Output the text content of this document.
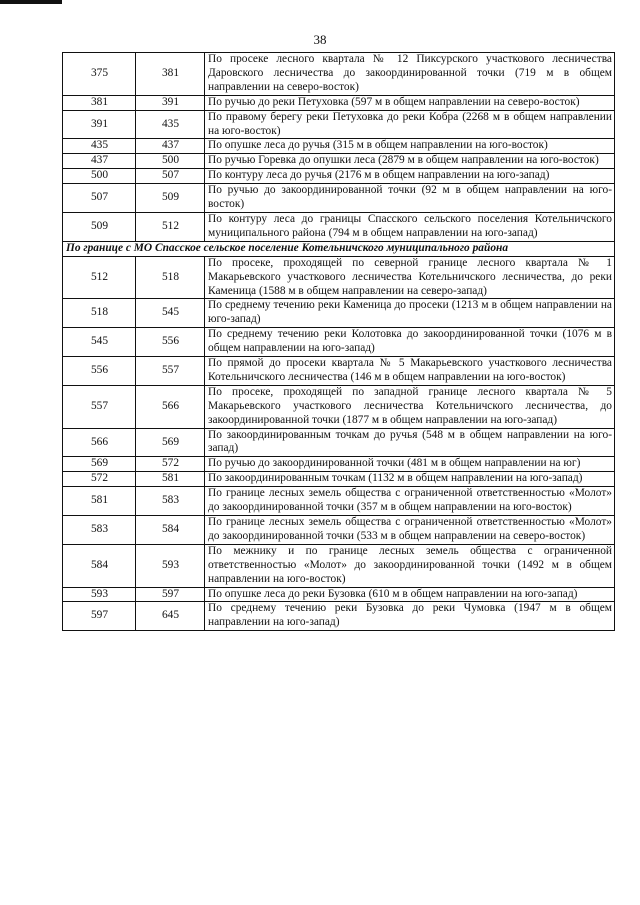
38
375	381	По просеке лесного квартала № 12 Пиксурского участкового лесничества Даровского лесничества до закоординированной точки (719 м в общем направлении на северо-восток)
381	391	По ручью до реки Петуховка (597 м в общем направлении на северо-восток)
391	435	По правому берегу реки Петуховка до реки Кобра (2268 м в общем направлении на юго-восток)
435	437	По опушке леса до ручья (315 м в общем направлении на юго-восток)
437	500	По ручью Горевка до опушки леса (2879 м в общем направлении на юго-восток)
500	507	По контуру леса до ручья (2176 м в общем направлении на юго-запад)
507	509	По ручью до закоординированной точки (92 м в общем направлении на юго-восток)
509	512	По контуру леса до границы Спасского сельского поселения Котельничского муниципального района (794 м в общем направлении на юго-запад)
По границе с МО Спасское сельское поселение Котельничского муниципального района		
512	518	По просеке, проходящей по северной границе лесного квартала № 1 Макарьевского участкового лесничества Котельничского лесничества, до реки Каменица (1588 м в общем направлении на северо-запад)
518	545	По среднему течению реки Каменица до просеки (1213 м в общем направлении на юго-запад)
545	556	По среднему течению реки Колотовка до закоординированной точки (1076 м в общем направлении на юго-запад)
556	557	По прямой до просеки квартала № 5 Макарьевского участкового лесничества Котельничского лесничества (146 м в общем направлении на юго-восток)
557	566	По просеке, проходящей по западной границе лесного квартала № 5 Макарьевского участкового лесничества Котельничского лесничества, до закоординированной точки (1877 м в общем направлении на юго-запад)
566	569	По закоординированным точкам до ручья (548 м в общем направлении на юго-запад)
569	572	По ручью до закоординированной точки (481 м в общем направлении на юг)
572	581	По закоординированным точкам (1132 м в общем направлении на юго-запад)
581	583	По границе лесных земель общества с ограниченной ответственностью «Молот» до закоординированной точки (357 м в общем направлении на юго-восток)
583	584	По границе лесных земель общества с ограниченной ответственностью «Молот» до закоординированной точки (533 м в общем направлении на северо-восток)
584	593	По межнику и по границе лесных земель общества с ограниченной ответственностью «Молот» до закоординированной точки (1492 м в общем направлении на юго-восток)
593	597	По опушке леса до реки Бузовка (610 м в общем направлении на юго-запад)
597	645	По среднему течению реки Бузовка до реки Чумовка (1947 м в общем направлении на юго-запад)
